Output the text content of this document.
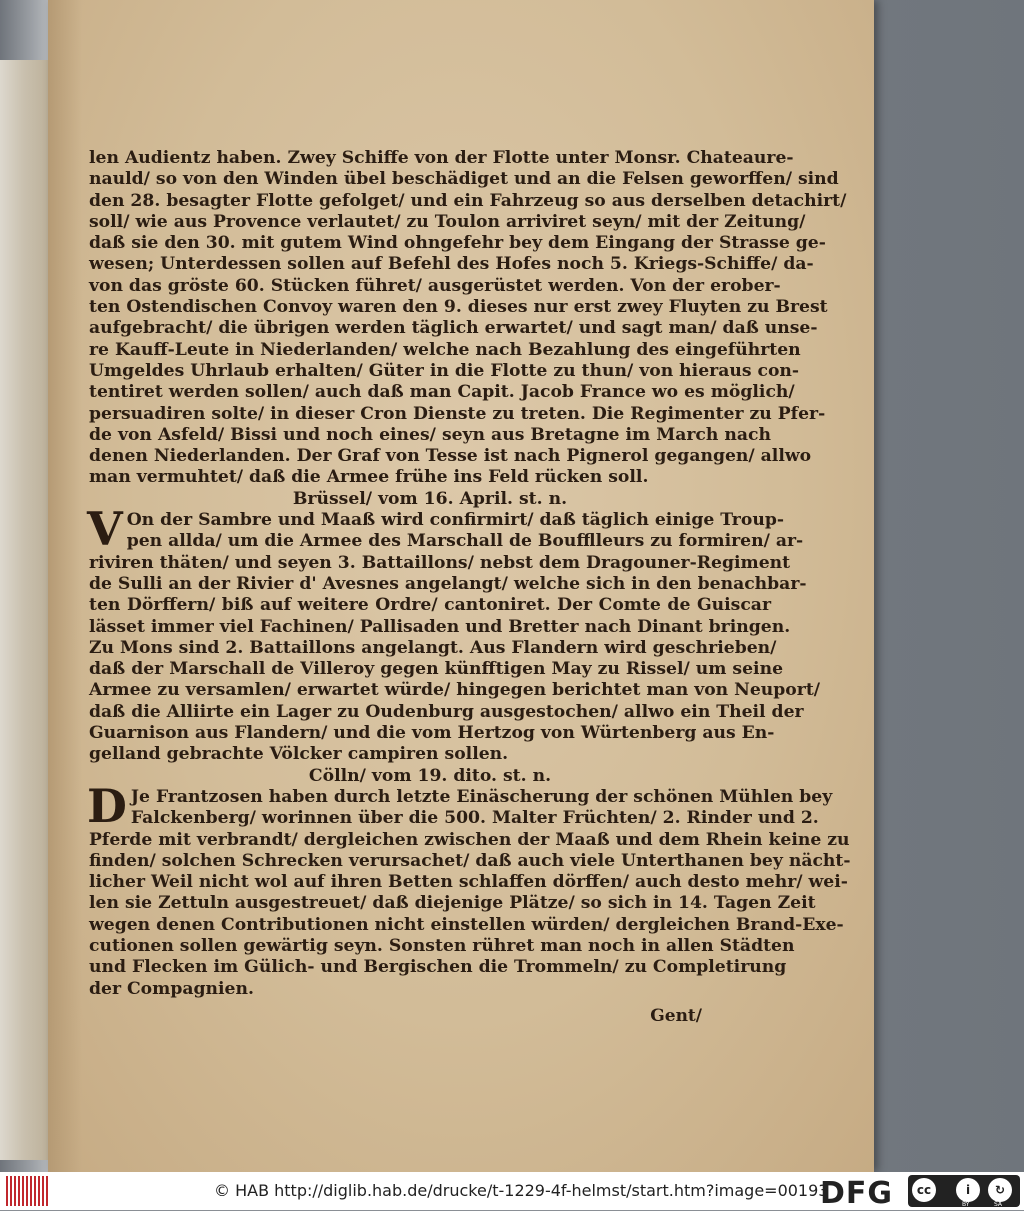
len Audientz haben. Zwey Schiffe von der Flotte unter Monsr. Chateaure-
nauld/ so von den Winden übel beschädiget und an die Felsen geworffen/ sind
den 28. besagter Flotte gefolget/ und ein Fahrzeug so aus derselben detachirt/
soll/ wie aus Provence verlautet/ zu Toulon arriviret seyn/ mit der Zeitung/
daß sie den 30. mit gutem Wind ohngefehr bey dem Eingang der Strasse ge-
wesen; Unterdessen sollen auf Befehl des Hofes noch 5. Kriegs-Schiffe/ da-
von das gröste 60. Stücken führet/ ausgerüstet werden. Von der erober-
ten Ostendischen Convoy waren den 9. dieses nur erst zwey Fluyten zu Brest
aufgebracht/ die übrigen werden täglich erwartet/ und sagt man/ daß unse-
re Kauff-Leute in Niederlanden/ welche nach Bezahlung des eingeführten
Umgeldes Uhrlaub erhalten/ Güter in die Flotte zu thun/ von hieraus con-
tentiret werden sollen/ auch daß man Capit. Jacob France wo es möglich/
persuadiren solte/ in dieser Cron Dienste zu treten. Die Regimenter zu Pfer-
de von Asfeld/ Bissi und noch eines/ seyn aus Bretagne im March nach
denen Niederlanden. Der Graf von Tesse ist nach Pignerol gegangen/ allwo
man vermuhtet/ daß die Armee frühe ins Feld rücken soll.
Brüssel/ vom 16. April. st. n.
V On der Sambre und Maaß wird confirmirt/ daß täglich einige Troup-
pen allda/ um die Armee des Marschall de Boufflleurs zu formiren/ ar-
riviren thäten/ und seyen 3. Battaillons/ nebst dem Dragouner-Regiment
de Sulli an der Rivier d' Avesnes angelangt/ welche sich in den benachbar-
ten Dörffern/ biß auf weitere Ordre/ cantoniret. Der Comte de Guiscar
lässet immer viel Fachinen/ Pallisaden und Bretter nach Dinant bringen.
Zu Mons sind 2. Battaillons angelangt. Aus Flandern wird geschrieben/
daß der Marschall de Villeroy gegen künfftigen May zu Rissel/ um seine
Armee zu versamlen/ erwartet würde/ hingegen berichtet man von Neuport/
daß die Alliirte ein Lager zu Oudenburg ausgestochen/ allwo ein Theil der
Guarnison aus Flandern/ und die vom Hertzog von Würtenberg aus En-
gelland gebrachte Völcker campiren sollen.
Cölln/ vom 19. dito. st. n.
D Je Frantzosen haben durch letzte Einäscherung der schönen Mühlen bey
Falckenberg/ worinnen über die 500. Malter Früchten/ 2. Rinder und 2.
Pferde mit verbrandt/ dergleichen zwischen der Maaß und dem Rhein keine zu
finden/ solchen Schrecken verursachet/ daß auch viele Unterthanen bey nächt-
licher Weil nicht wol auf ihren Betten schlaffen dörffen/ auch desto mehr/ wei-
len sie Zettuln ausgestreuet/ daß diejenige Plätze/ so sich in 14. Tagen Zeit
wegen denen Contributionen nicht einstellen würden/ dergleichen Brand-Exe-
cutionen sollen gewärtig seyn. Sonsten rühret man noch in allen Städten
und Flecken im Gülich- und Bergischen die Trommeln/ zu Completirung
der Compagnien.
Gent/
© HAB http://diglib.hab.de/drucke/t-1229-4f-helmst/start.htm?image=00193
DFG	cc	i	↻
BY	SA
